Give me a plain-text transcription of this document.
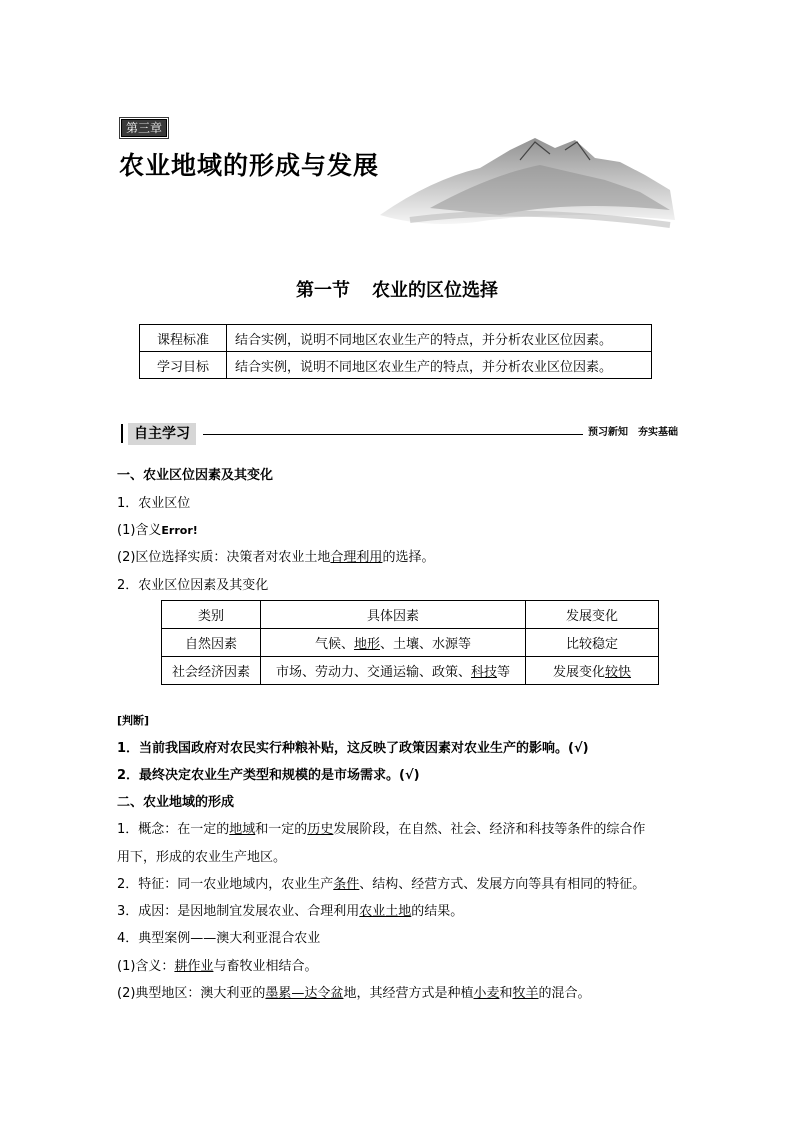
第三章
农业地域的形成与发展
第一节 农业的区位选择
课程标准	结合实例，说明不同地区农业生产的特点，并分析农业区位因素。
学习目标	结合实例，说明不同地区农业生产的特点，并分析农业区位因素。
自主学习	预习新知　夯实基础
一、农业区位因素及其变化
1．农业区位
(1)含义Error!
(2)区位选择实质：决策者对农业土地合理利用的选择。
2．农业区位因素及其变化
类别	具体因素	发展变化
自然因素	气候、地形、土壤、水源等	比较稳定
社会经济因素	市场、劳动力、交通运输、政策、科技等	发展变化较快
[判断]
1．当前我国政府对农民实行种粮补贴，这反映了政策因素对农业生产的影响。(√)
2．最终决定农业生产类型和规模的是市场需求。(√)
二、农业地域的形成
1．概念：在一定的地域和一定的历史发展阶段，在自然、社会、经济和科技等条件的综合作
用下，形成的农业生产地区。
2．特征：同一农业地域内，农业生产条件、结构、经营方式、发展方向等具有相同的特征。
3．成因：是因地制宜发展农业、合理利用农业土地的结果。
4．典型案例——澳大利亚混合农业
(1)含义：耕作业与畜牧业相结合。
(2)典型地区：澳大利亚的墨累—达令盆地，其经营方式是种植小麦和牧羊的混合。
